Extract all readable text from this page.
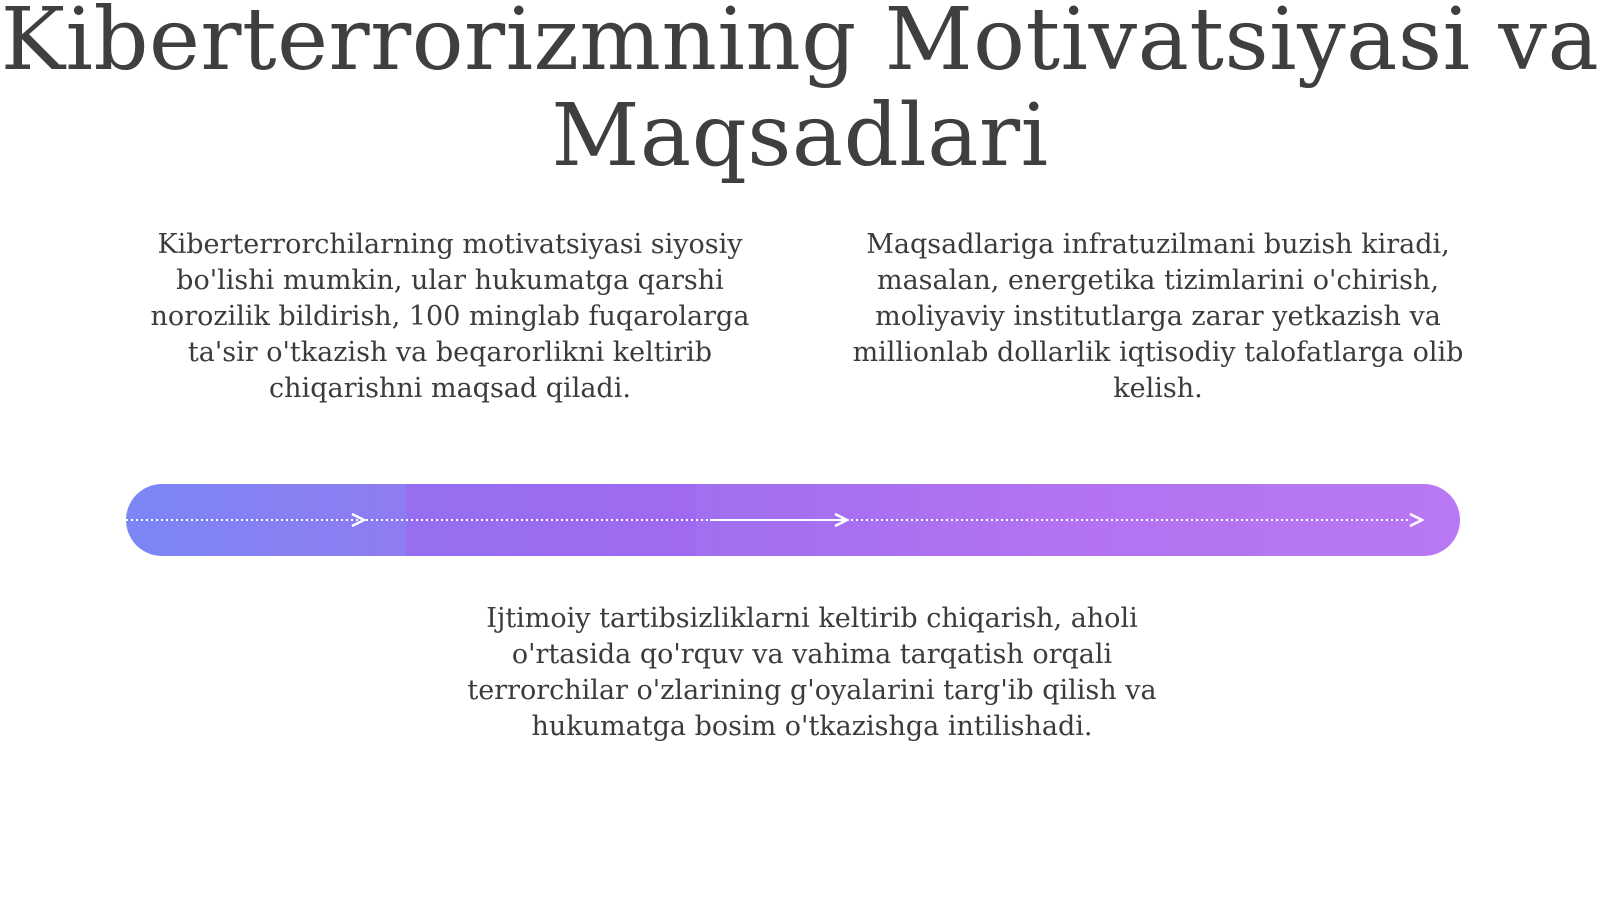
Kiberterrorizmning Motivatsiyasi va Maqsadlari

Kiberterrorchilarning motivatsiyasi siyosiy bo'lishi mumkin, ular hukumatga qarshi norozilik bildirish, 100 minglab fuqarolarga ta'sir o'tkazish va beqarorlikni keltirib chiqarishni maqsad qiladi.

Maqsadlariga infratuzilmani buzish kiradi, masalan, energetika tizimlarini o'chirish, moliyaviy institutlarga zarar yetkazish va millionlab dollarlik iqtisodiy talofatlarga olib kelish.

Ijtimoiy tartibsizliklarni keltirib chiqarish, aholi o'rtasida qo'rquv va vahima tarqatish orqali terrorchilar o'zlarining g'oyalarini targ'ib qilish va hukumatga bosim o'tkazishga intilishadi.
